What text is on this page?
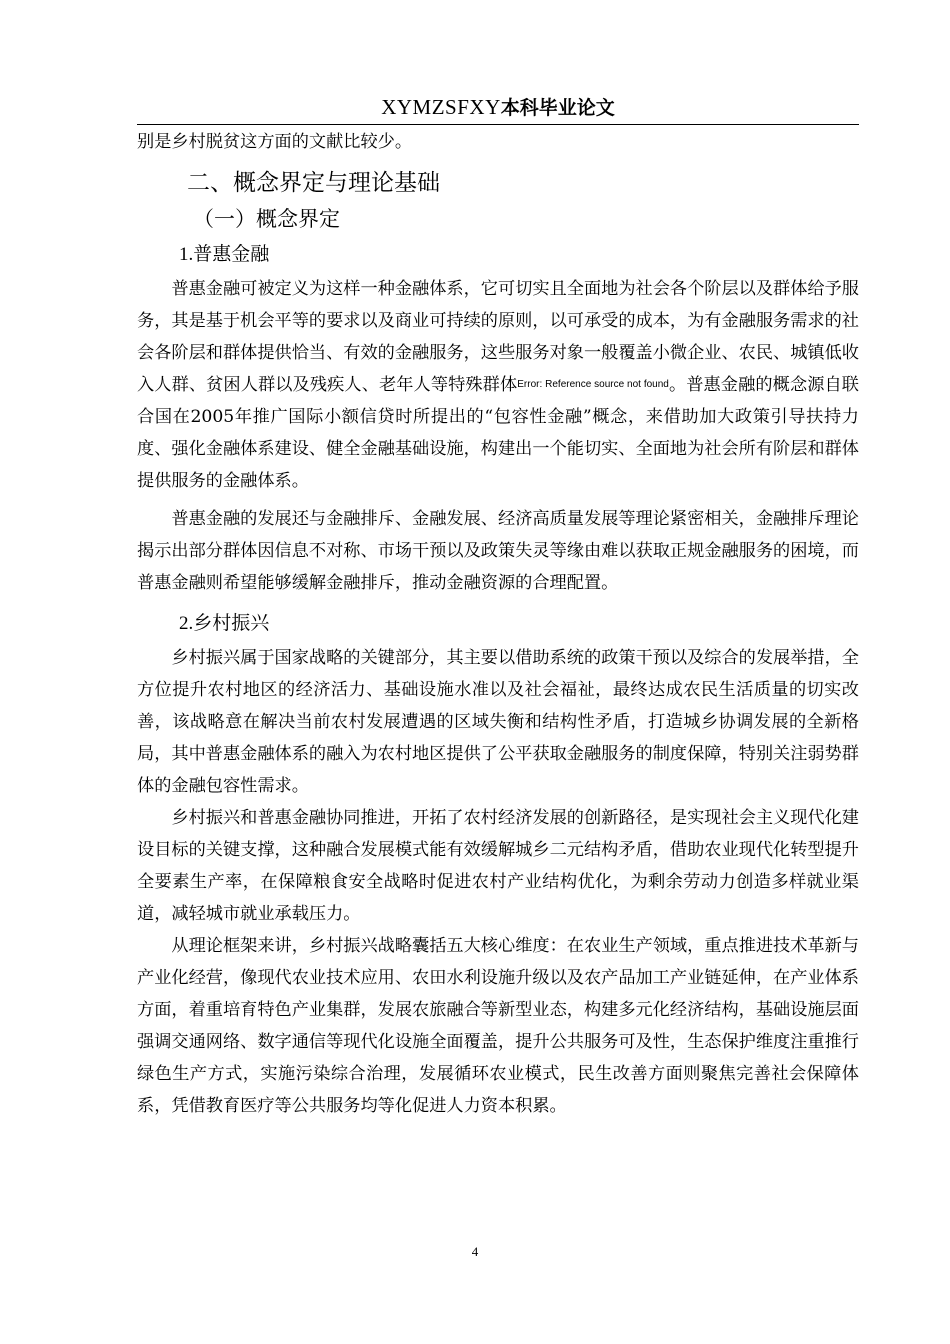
XYMZSFXY本科毕业论文

别是乡村脱贫这方面的文献比较少。

二、概念界定与理论基础
（一）概念界定
1.普惠金融

普惠金融可被定义为这样一种金融体系，它可切实且全面地为社会各个阶层以及群体给予服务，其是基于机会平等的要求以及商业可持续的原则，以可承受的成本，为有金融服务需求的社会各阶层和群体提供恰当、有效的金融服务，这些服务对象一般覆盖小微企业、农民、城镇低收入人群、贫困人群以及残疾人、老年人等特殊群体Error: Reference source not found。普惠金融的概念源自联合国在2005年推广国际小额信贷时所提出的“包容性金融”概念，来借助加大政策引导扶持力度、强化金融体系建设、健全金融基础设施，构建出一个能切实、全面地为社会所有阶层和群体提供服务的金融体系。

普惠金融的发展还与金融排斥、金融发展、经济高质量发展等理论紧密相关，金融排斥理论揭示出部分群体因信息不对称、市场干预以及政策失灵等缘由难以获取正规金融服务的困境，而普惠金融则希望能够缓解金融排斥，推动金融资源的合理配置。

2.乡村振兴

乡村振兴属于国家战略的关键部分，其主要以借助系统的政策干预以及综合的发展举措，全方位提升农村地区的经济活力、基础设施水准以及社会福祉，最终达成农民生活质量的切实改善，该战略意在解决当前农村发展遭遇的区域失衡和结构性矛盾，打造城乡协调发展的全新格局，其中普惠金融体系的融入为农村地区提供了公平获取金融服务的制度保障，特别关注弱势群体的金融包容性需求。

乡村振兴和普惠金融协同推进，开拓了农村经济发展的创新路径，是实现社会主义现代化建设目标的关键支撑，这种融合发展模式能有效缓解城乡二元结构矛盾，借助农业现代化转型提升全要素生产率，在保障粮食安全战略时促进农村产业结构优化，为剩余劳动力创造多样就业渠道，减轻城市就业承载压力。

从理论框架来讲，乡村振兴战略囊括五大核心维度：在农业生产领域，重点推进技术革新与产业化经营，像现代农业技术应用、农田水利设施升级以及农产品加工产业链延伸，在产业体系方面，着重培育特色产业集群，发展农旅融合等新型业态，构建多元化经济结构，基础设施层面强调交通网络、数字通信等现代化设施全面覆盖，提升公共服务可及性，生态保护维度注重推行绿色生产方式，实施污染综合治理，发展循环农业模式，民生改善方面则聚焦完善社会保障体系，凭借教育医疗等公共服务均等化促进人力资本积累。

4
